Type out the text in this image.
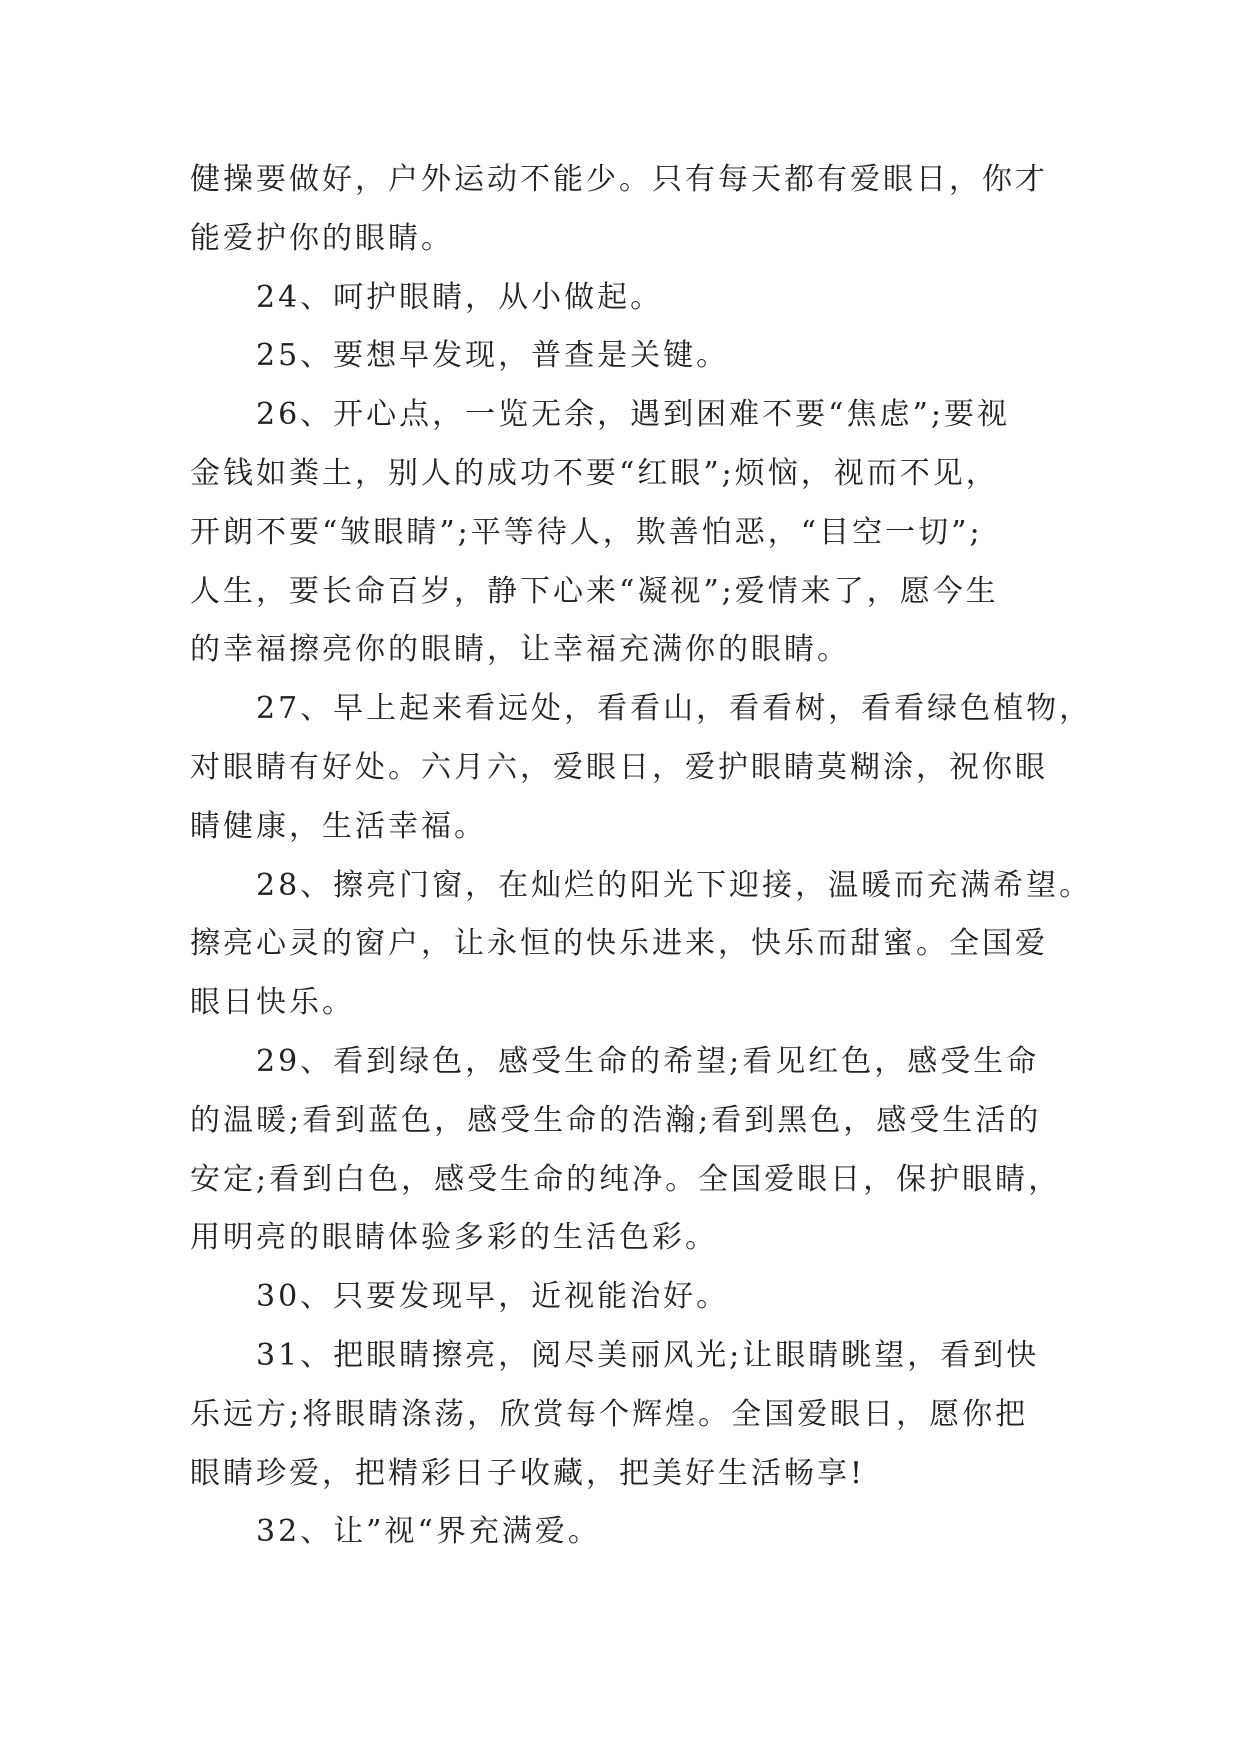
健操要做好，户外运动不能少。只有每天都有爱眼日，你才
能爱护你的眼睛。
24、呵护眼睛，从小做起。
25、要想早发现，普查是关键。
26、开心点，一览无余，遇到困难不要“焦虑”;要视
金钱如粪土，别人的成功不要“红眼”;烦恼，视而不见，
开朗不要“皱眼睛”;平等待人，欺善怕恶，“目空一切”;
人生，要长命百岁，静下心来“凝视”;爱情来了，愿今生
的幸福擦亮你的眼睛，让幸福充满你的眼睛。
27、早上起来看远处，看看山，看看树，看看绿色植物，
对眼睛有好处。六月六，爱眼日，爱护眼睛莫糊涂，祝你眼
睛健康，生活幸福。
28、擦亮门窗，在灿烂的阳光下迎接，温暖而充满希望。
擦亮心灵的窗户，让永恒的快乐进来，快乐而甜蜜。全国爱
眼日快乐。
29、看到绿色，感受生命的希望;看见红色，感受生命
的温暖;看到蓝色，感受生命的浩瀚;看到黑色，感受生活的
安定;看到白色，感受生命的纯净。全国爱眼日，保护眼睛，
用明亮的眼睛体验多彩的生活色彩。
30、只要发现早，近视能治好。
31、把眼睛擦亮，阅尽美丽风光;让眼睛眺望，看到快
乐远方;将眼睛涤荡，欣赏每个辉煌。全国爱眼日，愿你把
眼睛珍爱，把精彩日子收藏，把美好生活畅享!
32、让”视“界充满爱。
